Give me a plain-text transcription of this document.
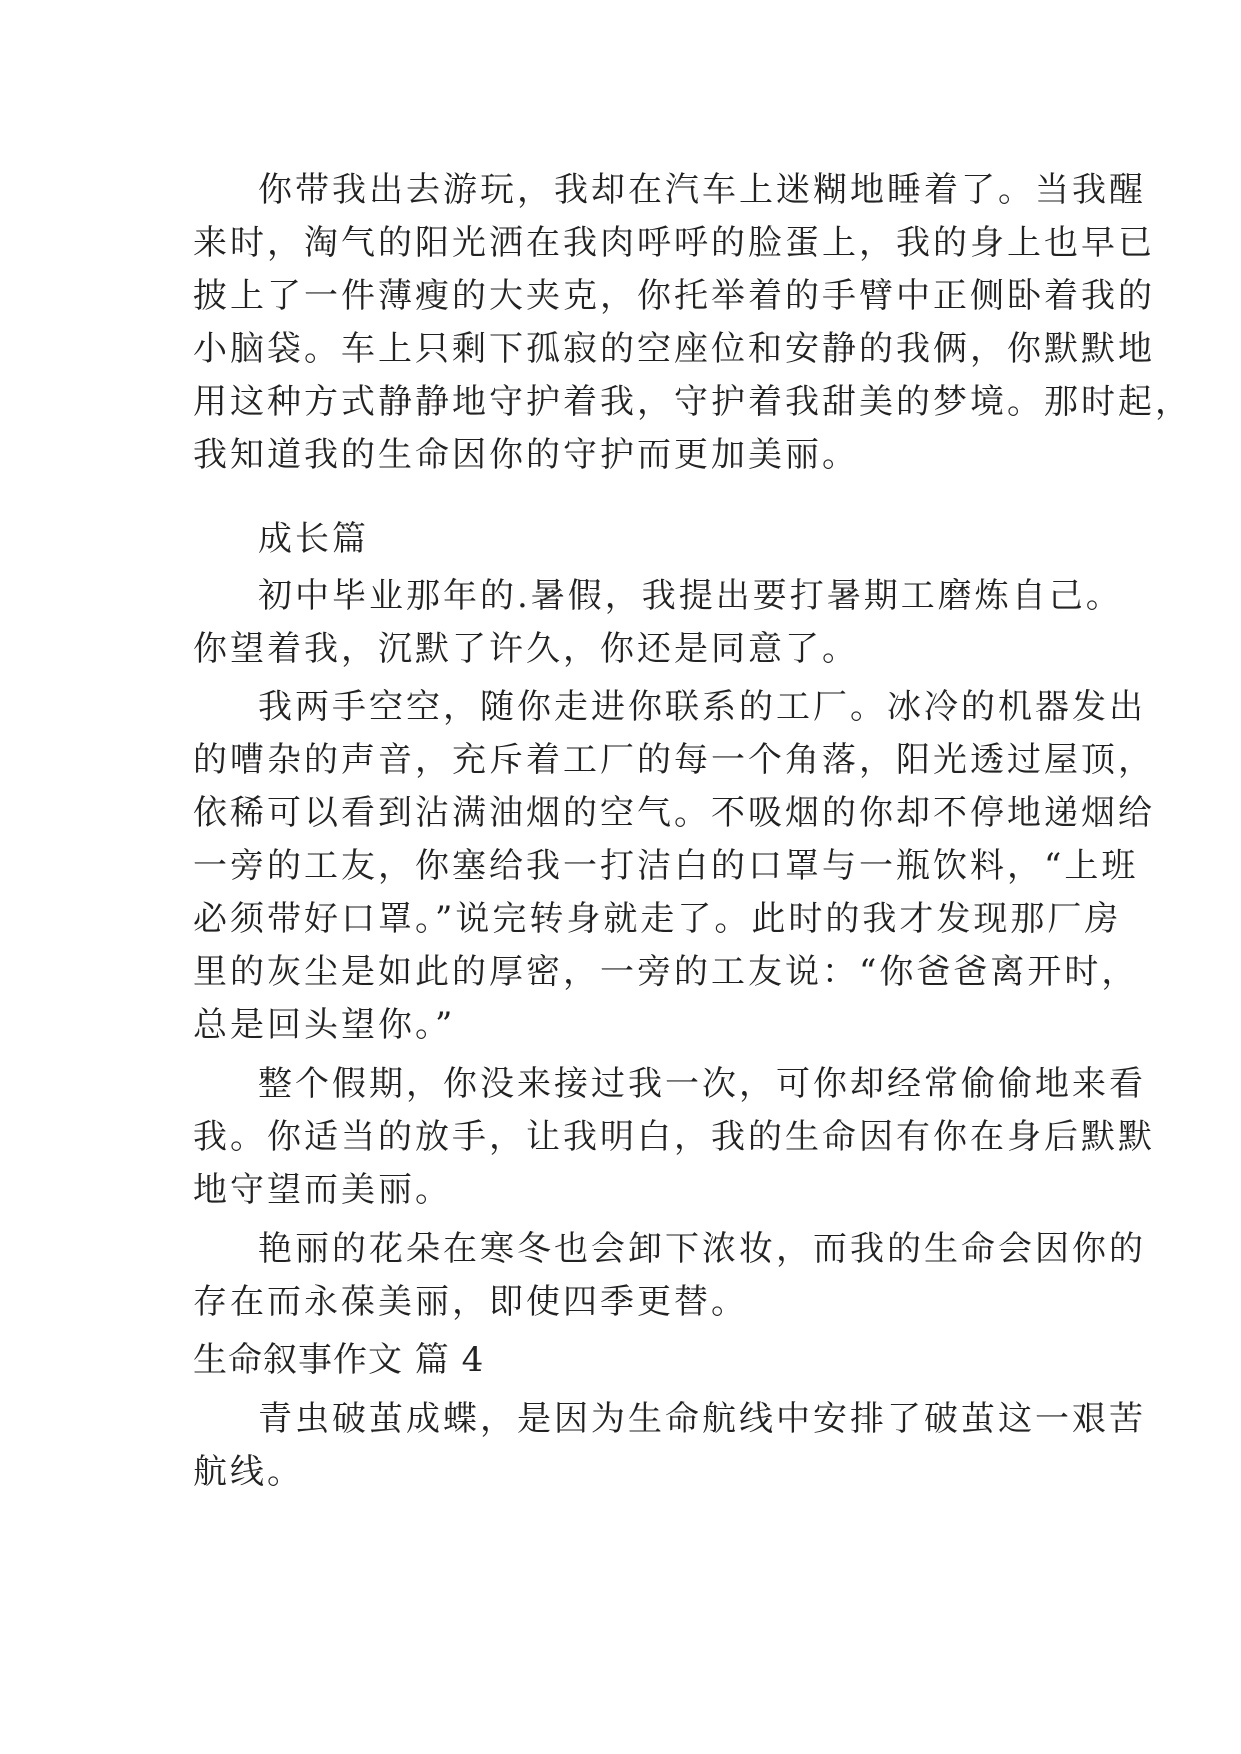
你带我出去游玩，我却在汽车上迷糊地睡着了。当我醒
来时，淘气的阳光洒在我肉呼呼的脸蛋上，我的身上也早已
披上了一件薄瘦的大夹克，你托举着的手臂中正侧卧着我的
小脑袋。车上只剩下孤寂的空座位和安静的我俩，你默默地
用这种方式静静地守护着我，守护着我甜美的梦境。那时起，
我知道我的生命因你的守护而更加美丽。
成长篇
初中毕业那年的.暑假，我提出要打暑期工磨炼自己。
你望着我，沉默了许久，你还是同意了。
我两手空空，随你走进你联系的工厂。冰冷的机器发出
的嘈杂的声音，充斥着工厂的每一个角落，阳光透过屋顶，
依稀可以看到沾满油烟的空气。不吸烟的你却不停地递烟给
一旁的工友，你塞给我一打洁白的口罩与一瓶饮料，“上班
必须带好口罩。”说完转身就走了。此时的我才发现那厂房
里的灰尘是如此的厚密，一旁的工友说：“你爸爸离开时，
总是回头望你。”
整个假期，你没来接过我一次，可你却经常偷偷地来看
我。你适当的放手，让我明白，我的生命因有你在身后默默
地守望而美丽。
艳丽的花朵在寒冬也会卸下浓妆，而我的生命会因你的
存在而永葆美丽，即使四季更替。
生命叙事作文 篇 4
青虫破茧成蝶，是因为生命航线中安排了破茧这一艰苦
航线。
